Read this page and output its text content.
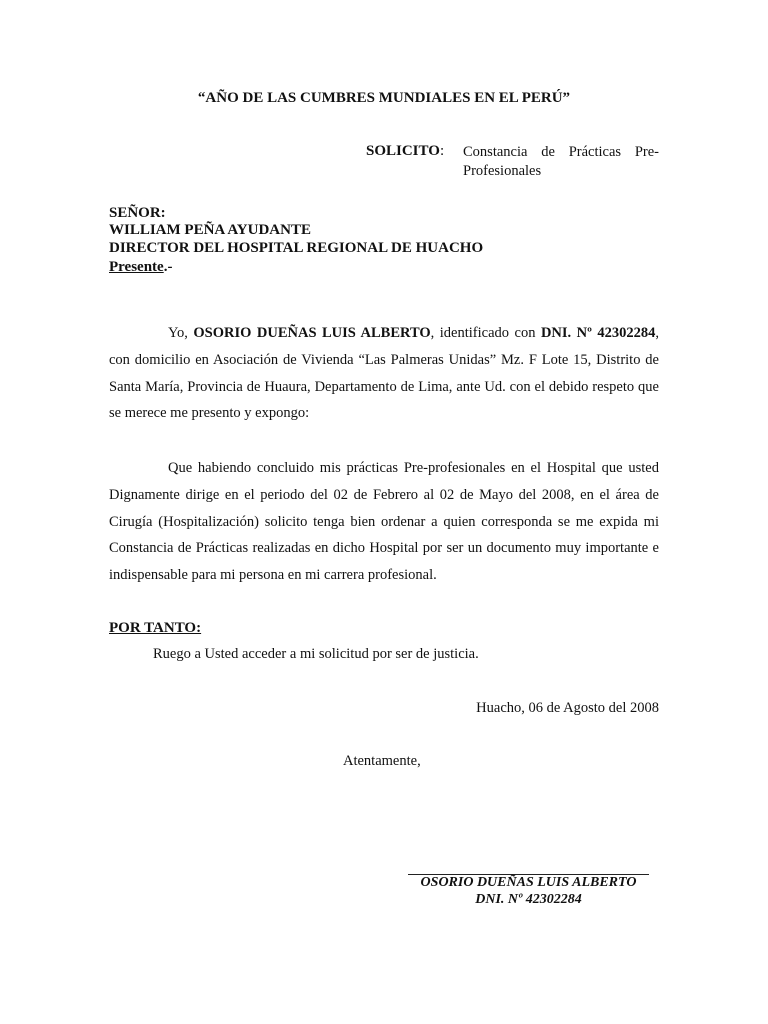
“AÑO DE LAS CUMBRES MUNDIALES EN EL PERÚ”
SOLICITO: Constancia de Prácticas Pre-Profesionales
SEÑOR:
WILLIAM PEÑA AYUDANTE
DIRECTOR DEL HOSPITAL REGIONAL DE HUACHO
Presente.-
Yo, OSORIO DUEÑAS LUIS ALBERTO, identificado con DNI. Nº 42302284, con domicilio en Asociación de Vivienda “Las Palmeras Unidas” Mz. F Lote 15, Distrito de Santa María, Provincia de Huaura, Departamento de Lima, ante Ud. con el debido respeto que se merece me presento y expongo:
Que habiendo concluido mis prácticas Pre-profesionales en el Hospital que usted Dignamente dirige en el periodo del 02 de Febrero al 02 de Mayo del 2008, en el área de Cirugía (Hospitalización) solicito tenga bien ordenar a quien corresponda se me expida mi Constancia de Prácticas realizadas en dicho Hospital por ser un documento muy importante e indispensable para mi persona en mi carrera profesional.
POR TANTO:
Ruego a Usted acceder a mi solicitud por ser de justicia.
Huacho, 06 de Agosto del 2008
Atentamente,
OSORIO DUEÑAS LUIS ALBERTO
DNI. Nº 42302284
